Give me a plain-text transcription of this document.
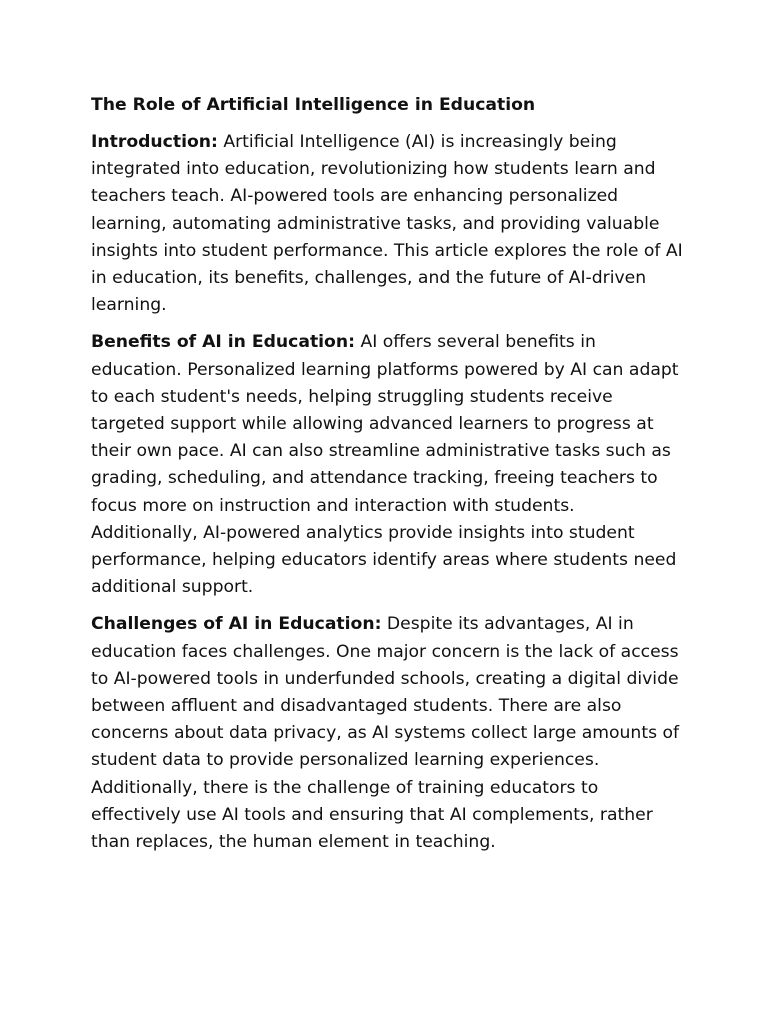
The Role of Artificial Intelligence in Education

Introduction: Artificial Intelligence (AI) is increasingly being integrated into education, revolutionizing how students learn and teachers teach. AI-powered tools are enhancing personalized learning, automating administrative tasks, and providing valuable insights into student performance. This article explores the role of AI in education, its benefits, challenges, and the future of AI-driven learning.

Benefits of AI in Education: AI offers several benefits in education. Personalized learning platforms powered by AI can adapt to each student's needs, helping struggling students receive targeted support while allowing advanced learners to progress at their own pace. AI can also streamline administrative tasks such as grading, scheduling, and attendance tracking, freeing teachers to focus more on instruction and interaction with students. Additionally, AI-powered analytics provide insights into student performance, helping educators identify areas where students need additional support.

Challenges of AI in Education: Despite its advantages, AI in education faces challenges. One major concern is the lack of access to AI-powered tools in underfunded schools, creating a digital divide between affluent and disadvantaged students. There are also concerns about data privacy, as AI systems collect large amounts of student data to provide personalized learning experiences. Additionally, there is the challenge of training educators to effectively use AI tools and ensuring that AI complements, rather than replaces, the human element in teaching.
